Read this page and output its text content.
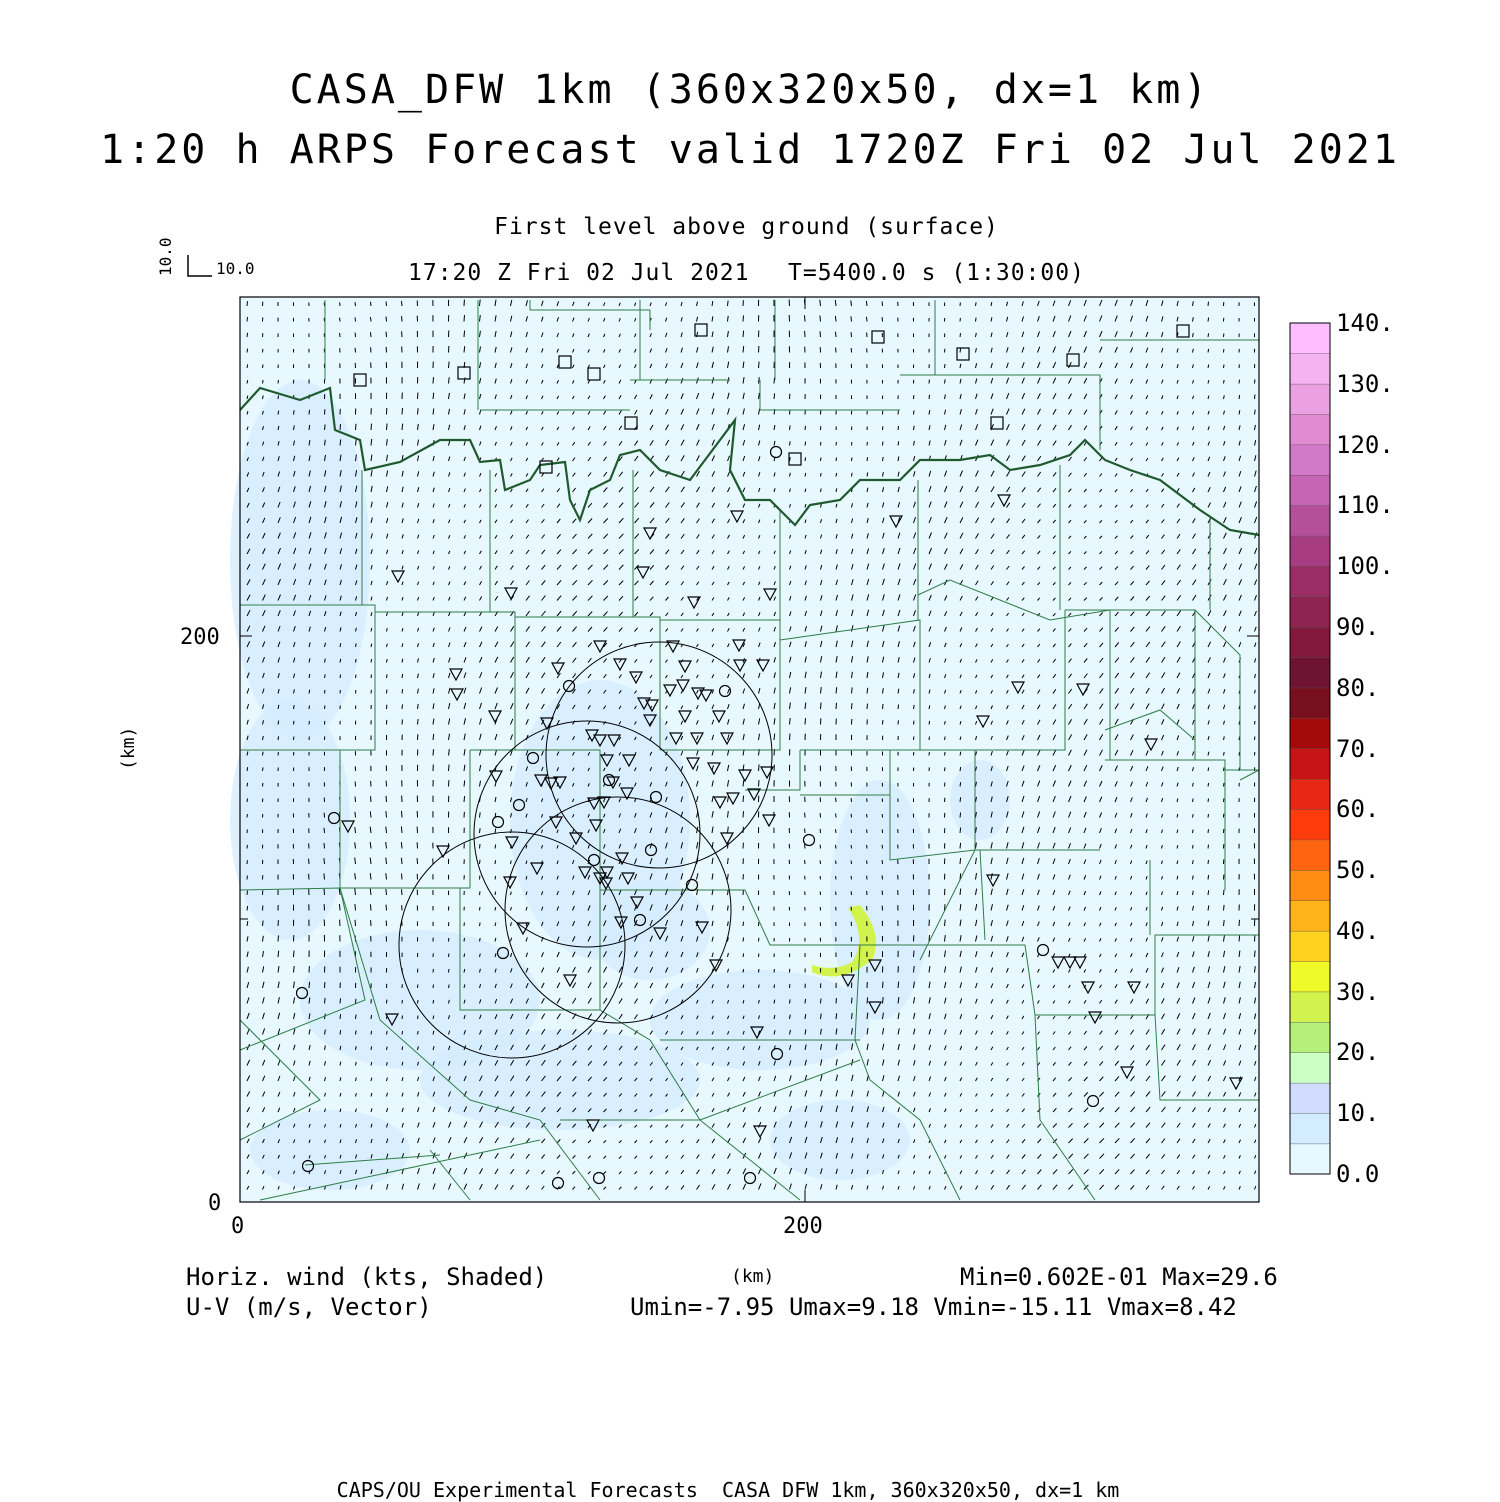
CASA_DFW 1km (360x320x50, dx=1 km)
1:20 h ARPS Forecast valid 1720Z Fri 02 Jul 2021
First level above ground (surface)
17:20 Z Fri 02 Jul 2021 T=5400.0 s (1:30:00)
10.0
10.0
200
0
0	200
(km)
0.0
10.
20.
30.
40.
50.
60.
70.
80.
90.
100.
110.
120.
130.
140.
Horiz. wind (kts, Shaded)
U-V (m/s, Vector)
(km)	Min=0.602E-01 Max=29.6
Umin=-7.95 Umax=9.18 Vmin=-15.11 Vmax=8.42
CAPS/OU Experimental Forecasts  CASA DFW 1km, 360x320x50, dx=1 km
